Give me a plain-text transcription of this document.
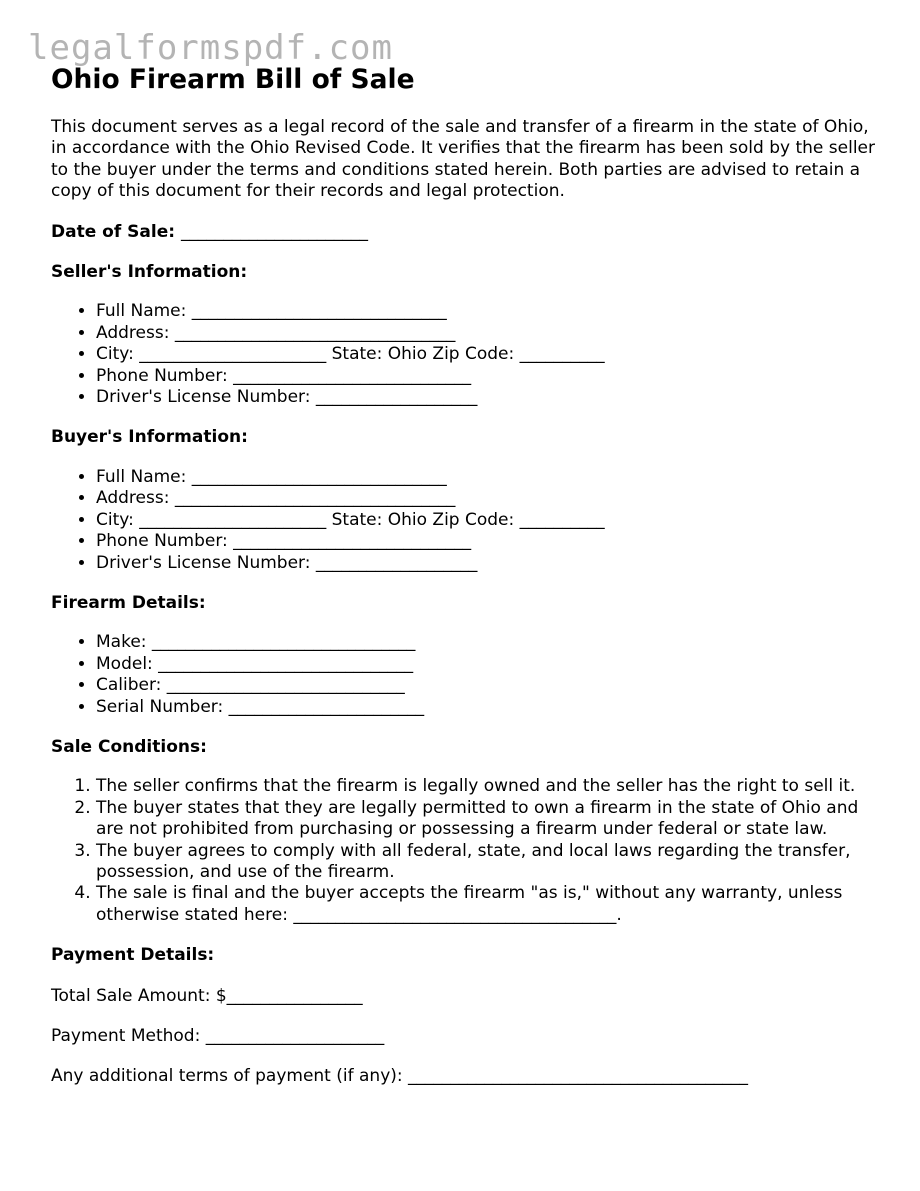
legalformspdf.com
Ohio Firearm Bill of Sale

This document serves as a legal record of the sale and transfer of a firearm in the state of Ohio, in accordance with the Ohio Revised Code. It verifies that the firearm has been sold by the seller to the buyer under the terms and conditions stated herein. Both parties are advised to retain a copy of this document for their records and legal protection.

Date of Sale: ______________________

Seller's Information:

• Full Name: ______________________________
• Address: _________________________________
• City: ______________________ State: Ohio Zip Code: __________
• Phone Number: ____________________________
• Driver's License Number: ___________________

Buyer's Information:

• Full Name: ______________________________
• Address: _________________________________
• City: ______________________ State: Ohio Zip Code: __________
• Phone Number: ____________________________
• Driver's License Number: ___________________

Firearm Details:

• Make: _______________________________
• Model: ______________________________
• Caliber: ____________________________
• Serial Number: _______________________

Sale Conditions:

1. The seller confirms that the firearm is legally owned and the seller has the right to sell it.
2. The buyer states that they are legally permitted to own a firearm in the state of Ohio and are not prohibited from purchasing or possessing a firearm under federal or state law.
3. The buyer agrees to comply with all federal, state, and local laws regarding the transfer, possession, and use of the firearm.
4. The sale is final and the buyer accepts the firearm "as is," without any warranty, unless otherwise stated here: ______________________________________.

Payment Details:

Total Sale Amount: $________________

Payment Method: _____________________

Any additional terms of payment (if any): ________________________________________
